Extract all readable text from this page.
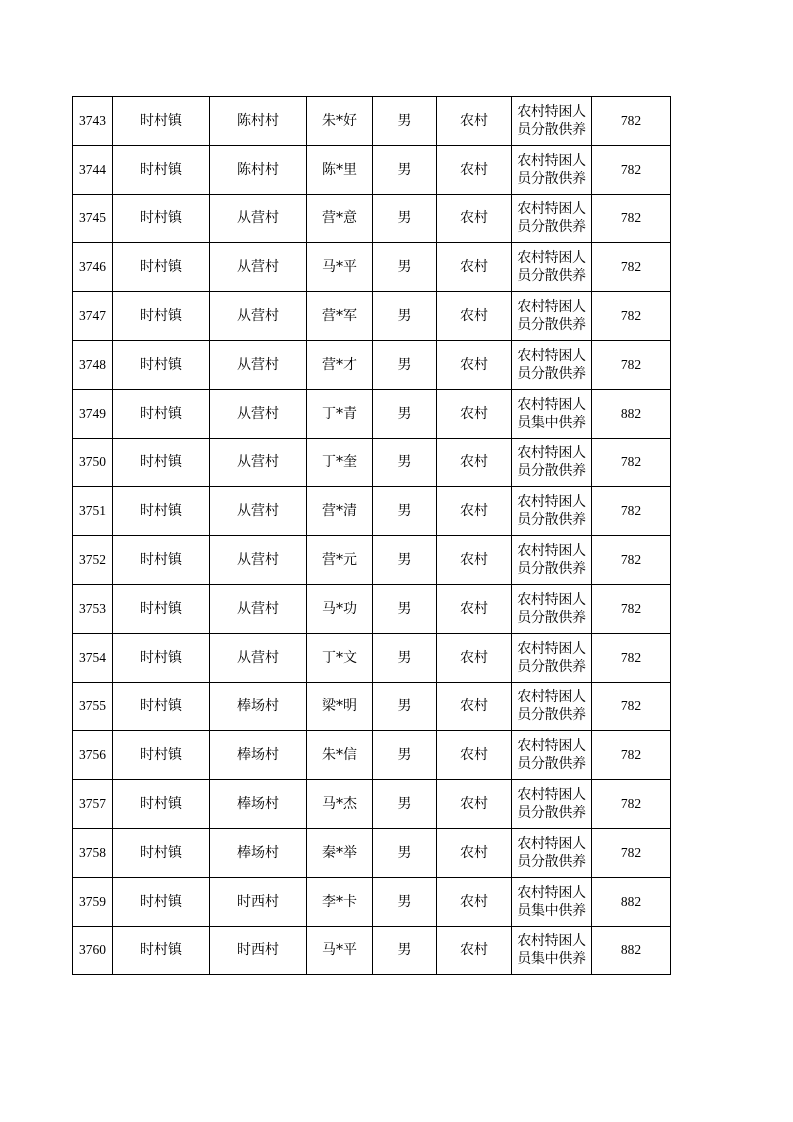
3743	时村镇	陈村村	朱*好	男	农村	农村特困人员分散供养	782
3744	时村镇	陈村村	陈*里	男	农村	农村特困人员分散供养	782
3745	时村镇	从营村	营*意	男	农村	农村特困人员分散供养	782
3746	时村镇	从营村	马*平	男	农村	农村特困人员分散供养	782
3747	时村镇	从营村	营*军	男	农村	农村特困人员分散供养	782
3748	时村镇	从营村	营*才	男	农村	农村特困人员分散供养	782
3749	时村镇	从营村	丁*青	男	农村	农村特困人员集中供养	882
3750	时村镇	从营村	丁*奎	男	农村	农村特困人员分散供养	782
3751	时村镇	从营村	营*清	男	农村	农村特困人员分散供养	782
3752	时村镇	从营村	营*元	男	农村	农村特困人员分散供养	782
3753	时村镇	从营村	马*功	男	农村	农村特困人员分散供养	782
3754	时村镇	从营村	丁*文	男	农村	农村特困人员分散供养	782
3755	时村镇	棒场村	梁*明	男	农村	农村特困人员分散供养	782
3756	时村镇	棒场村	朱*信	男	农村	农村特困人员分散供养	782
3757	时村镇	棒场村	马*杰	男	农村	农村特困人员分散供养	782
3758	时村镇	棒场村	秦*举	男	农村	农村特困人员分散供养	782
3759	时村镇	时西村	李*卡	男	农村	农村特困人员集中供养	882
3760	时村镇	时西村	马*平	男	农村	农村特困人员集中供养	882
